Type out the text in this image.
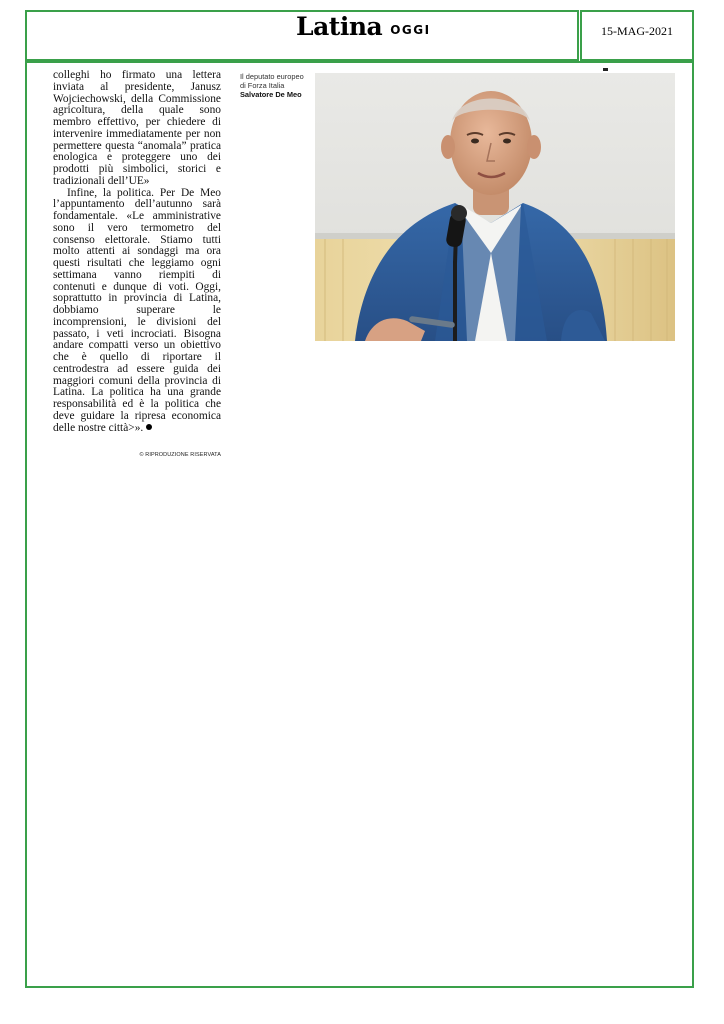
Latina OGGI	15-MAG-2021

colleghi ho firmato una lettera inviata al presidente, Janusz Wojciechowski, della Commissione agricoltura, della quale sono membro effettivo, per chiedere di intervenire immediatamente per non permettere questa “anomala” pratica enologica e proteggere uno dei prodotti più simbolici, storici e tradizionali dell’UE»

Infine, la politica. Per De Meo l’appuntamento dell’autunno sarà fondamentale. «Le amministrative sono il vero termometro del consenso elettorale. Stiamo tutti molto attenti ai sondaggi ma ora questi risultati che leggiamo ogni settimana vanno riempiti di contenuti e dunque di voti. Oggi, soprattutto in provincia di Latina, dobbiamo superare le incomprensioni, le divisioni del passato, i veti incrociati. Bisogna andare compatti verso un obiettivo che è quello di riportare il centrodestra ad essere guida dei maggiori comuni della provincia di Latina. La politica ha una grande responsabilità ed è la politica che deve guidare la ripresa economica delle nostre città>».

© RIPRODUZIONE RISERVATA
Il deputato europeo di Forza Italia Salvatore De Meo
